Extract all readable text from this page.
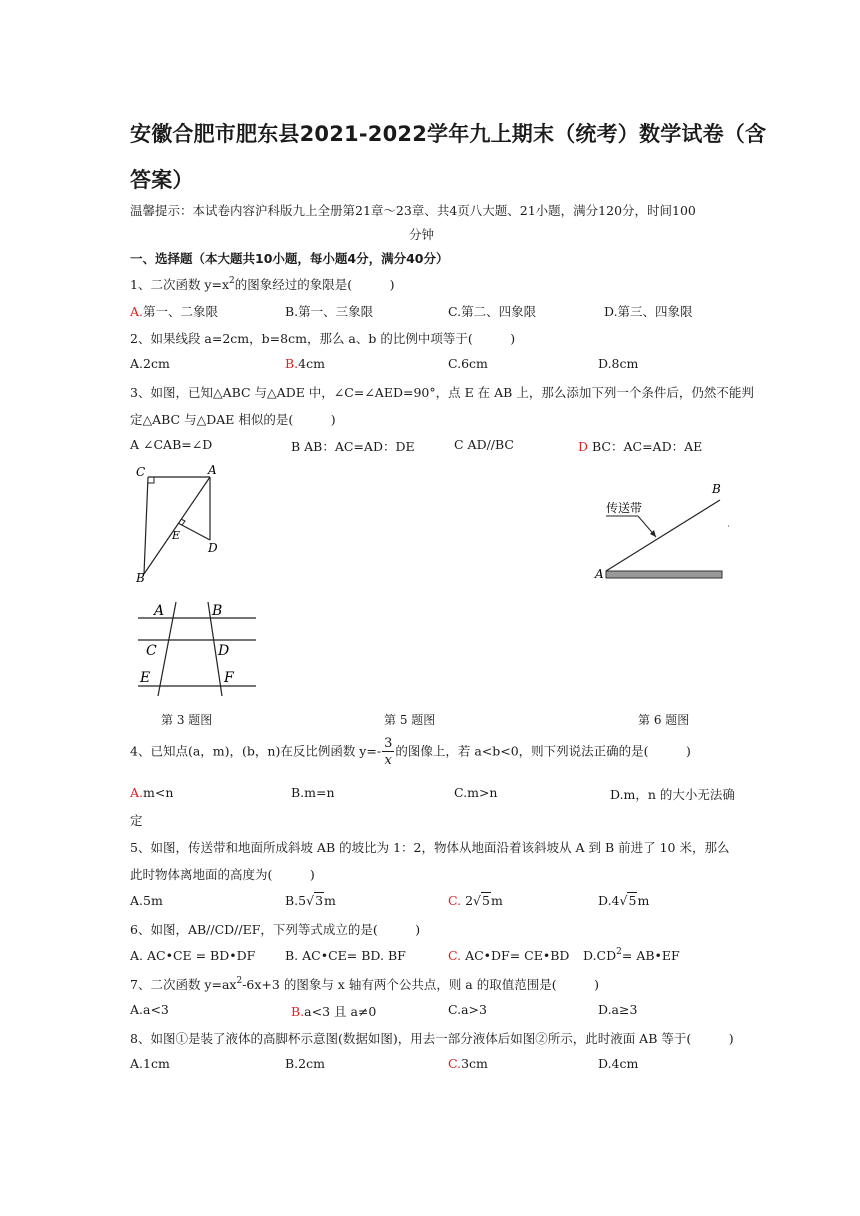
安徽合肥市肥东县2021-2022学年九上期末（统考）数学试卷（含
答案）
温馨提示：本试卷内容沪科版九上全册第21章～23章、共4页八大题、21小题，满分120分，时间100
分钟
一、选择题（本大题共10小题，每小题4分，满分40分）
1、二次函数 $y=x^2$的图象经过的象限是(　　　)
A.第一、二象限	B.第一、三象限	C.第二、四象限	D.第三、四象限
2、如果线段 a=2cm，b=8cm，那么 a、b 的比例中项等于(　　　)
A.2cm	B.4cm	C.6cm	D.8cm
3、如图，已知△ABC 与△ADE 中，∠C=∠AED=90°，点 E 在 AB 上，那么添加下列一个条件后，仍然不能判
定△ABC 与△DAE 相似的是(　　　)
A ∠CAB=∠D	B AB：AC=AD：DE	C AD//BC	D BC：AC=AD：AE
C	A
E
D
B
传送带
A
B
A	B
C	D
E	F
第 3 题图	第 5 题图	第 6 题图
4、已知点(a，m)，(b，n)在反比例函数 $y=- \frac{3}{x}$ 的图像上，若 a<b<0，则下列说法正确的是(　　　)
A.m<n	B.m=n	C.m>n	D.m，n 的大小无法确
定
5、如图，传送带和地面所成斜坡 AB 的坡比为 1：2，物体从地面沿着该斜坡从 A 到 B 前进了 10 米，那么
此时物体离地面的高度为(　　　)
A.5m	B.5√3m	C. 2√5m	D.4√5m
6、如图，AB//CD//EF，下列等式成立的是(　　　)
A. AC•CE = BD•DF B. AC•CE= BD. BF	C. AC•DF= CE•BD $D.CD^2=$ AB•EF
7、二次函数 $y=ax^2-6x+3$ 的图象与 x 轴有两个公共点，则 a 的取值范围是(　　　)
A.a<3	B.a<3 且 a≠0	C.a>3	D.a≥3
8、如图①是装了液体的高脚杯示意图(数据如图)，用去一部分液体后如图②所示，此时液面 AB 等于(　　　)
A.1cm	B.2cm	C.3cm	D.4cm
